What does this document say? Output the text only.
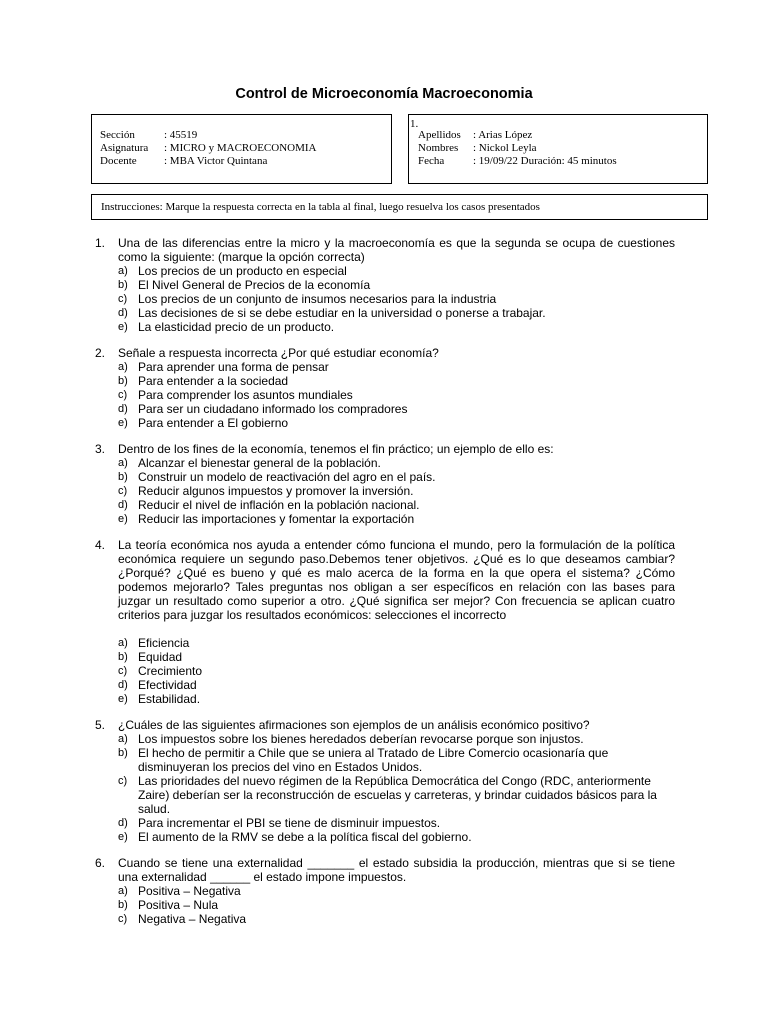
Control de Microeconomía Macroeconomia
Sección	: 45519
Asignatura : MICRO y MACROECONOMIA
Docente : MBA Victor Quintana
1.
Apellidos : Arias López
Nombres : Nickol Leyla
Fecha	: 19/09/22 Duración: 45 minutos
Instrucciones: Marque la respuesta correcta en la tabla al final, luego resuelva los casos presentados
1. Una de las diferencias entre la micro y la macroeconomía es que la segunda se ocupa de cuestiones como la siguiente: (marque la opción correcta)
a) Los precios de un producto en especial
b) El Nivel General de Precios de la economía
c) Los precios de un conjunto de insumos necesarios para la industria
d) Las decisiones de si se debe estudiar en la universidad o ponerse a trabajar.
e) La elasticidad precio de un producto.
2. Señale a respuesta incorrecta ¿Por qué estudiar economía?
a) Para aprender una forma de pensar
b) Para entender a la sociedad
c) Para comprender los asuntos mundiales
d) Para ser un ciudadano informado los compradores
e) Para entender a El gobierno
3. Dentro de los fines de la economía, tenemos el fin práctico; un ejemplo de ello es:
a) Alcanzar el bienestar general de la población.
b) Construir un modelo de reactivación del agro en el país.
c) Reducir algunos impuestos y promover la inversión.
d) Reducir el nivel de inflación en la población nacional.
e) Reducir las importaciones y fomentar la exportación
4. La teoría económica nos ayuda a entender cómo funciona el mundo, pero la formulación de la política económica requiere un segundo paso.Debemos tener objetivos. ¿Qué es lo que deseamos cambiar? ¿Porqué? ¿Qué es bueno y qué es malo acerca de la forma en la que opera el sistema? ¿Cómo podemos mejorarlo? Tales preguntas nos obligan a ser específicos en relación con las bases para juzgar un resultado como superior a otro. ¿Qué significa ser mejor? Con frecuencia se aplican cuatro criterios para juzgar los resultados económicos: selecciones el incorrecto
a) Eficiencia
b) Equidad
c) Crecimiento
d) Efectividad
e) Estabilidad.
5. ¿Cuáles de las siguientes afirmaciones son ejemplos de un análisis económico positivo?
a) Los impuestos sobre los bienes heredados deberían revocarse porque son injustos.
b) El hecho de permitir a Chile que se uniera al Tratado de Libre Comercio ocasionaría que disminuyeran los precios del vino en Estados Unidos.
c) Las prioridades del nuevo régimen de la República Democrática del Congo (RDC, anteriormente Zaire) deberían ser la reconstrucción de escuelas y carreteras, y brindar cuidados básicos para la salud.
d) Para incrementar el PBI se tiene de disminuir impuestos.
e) El aumento de la RMV se debe a la política fiscal del gobierno.
6. Cuando se tiene una externalidad _______ el estado subsidia la producción, mientras que si se tiene una externalidad ______ el estado impone impuestos.
a) Positiva – Negativa
b) Positiva – Nula
c) Negativa – Negativa
